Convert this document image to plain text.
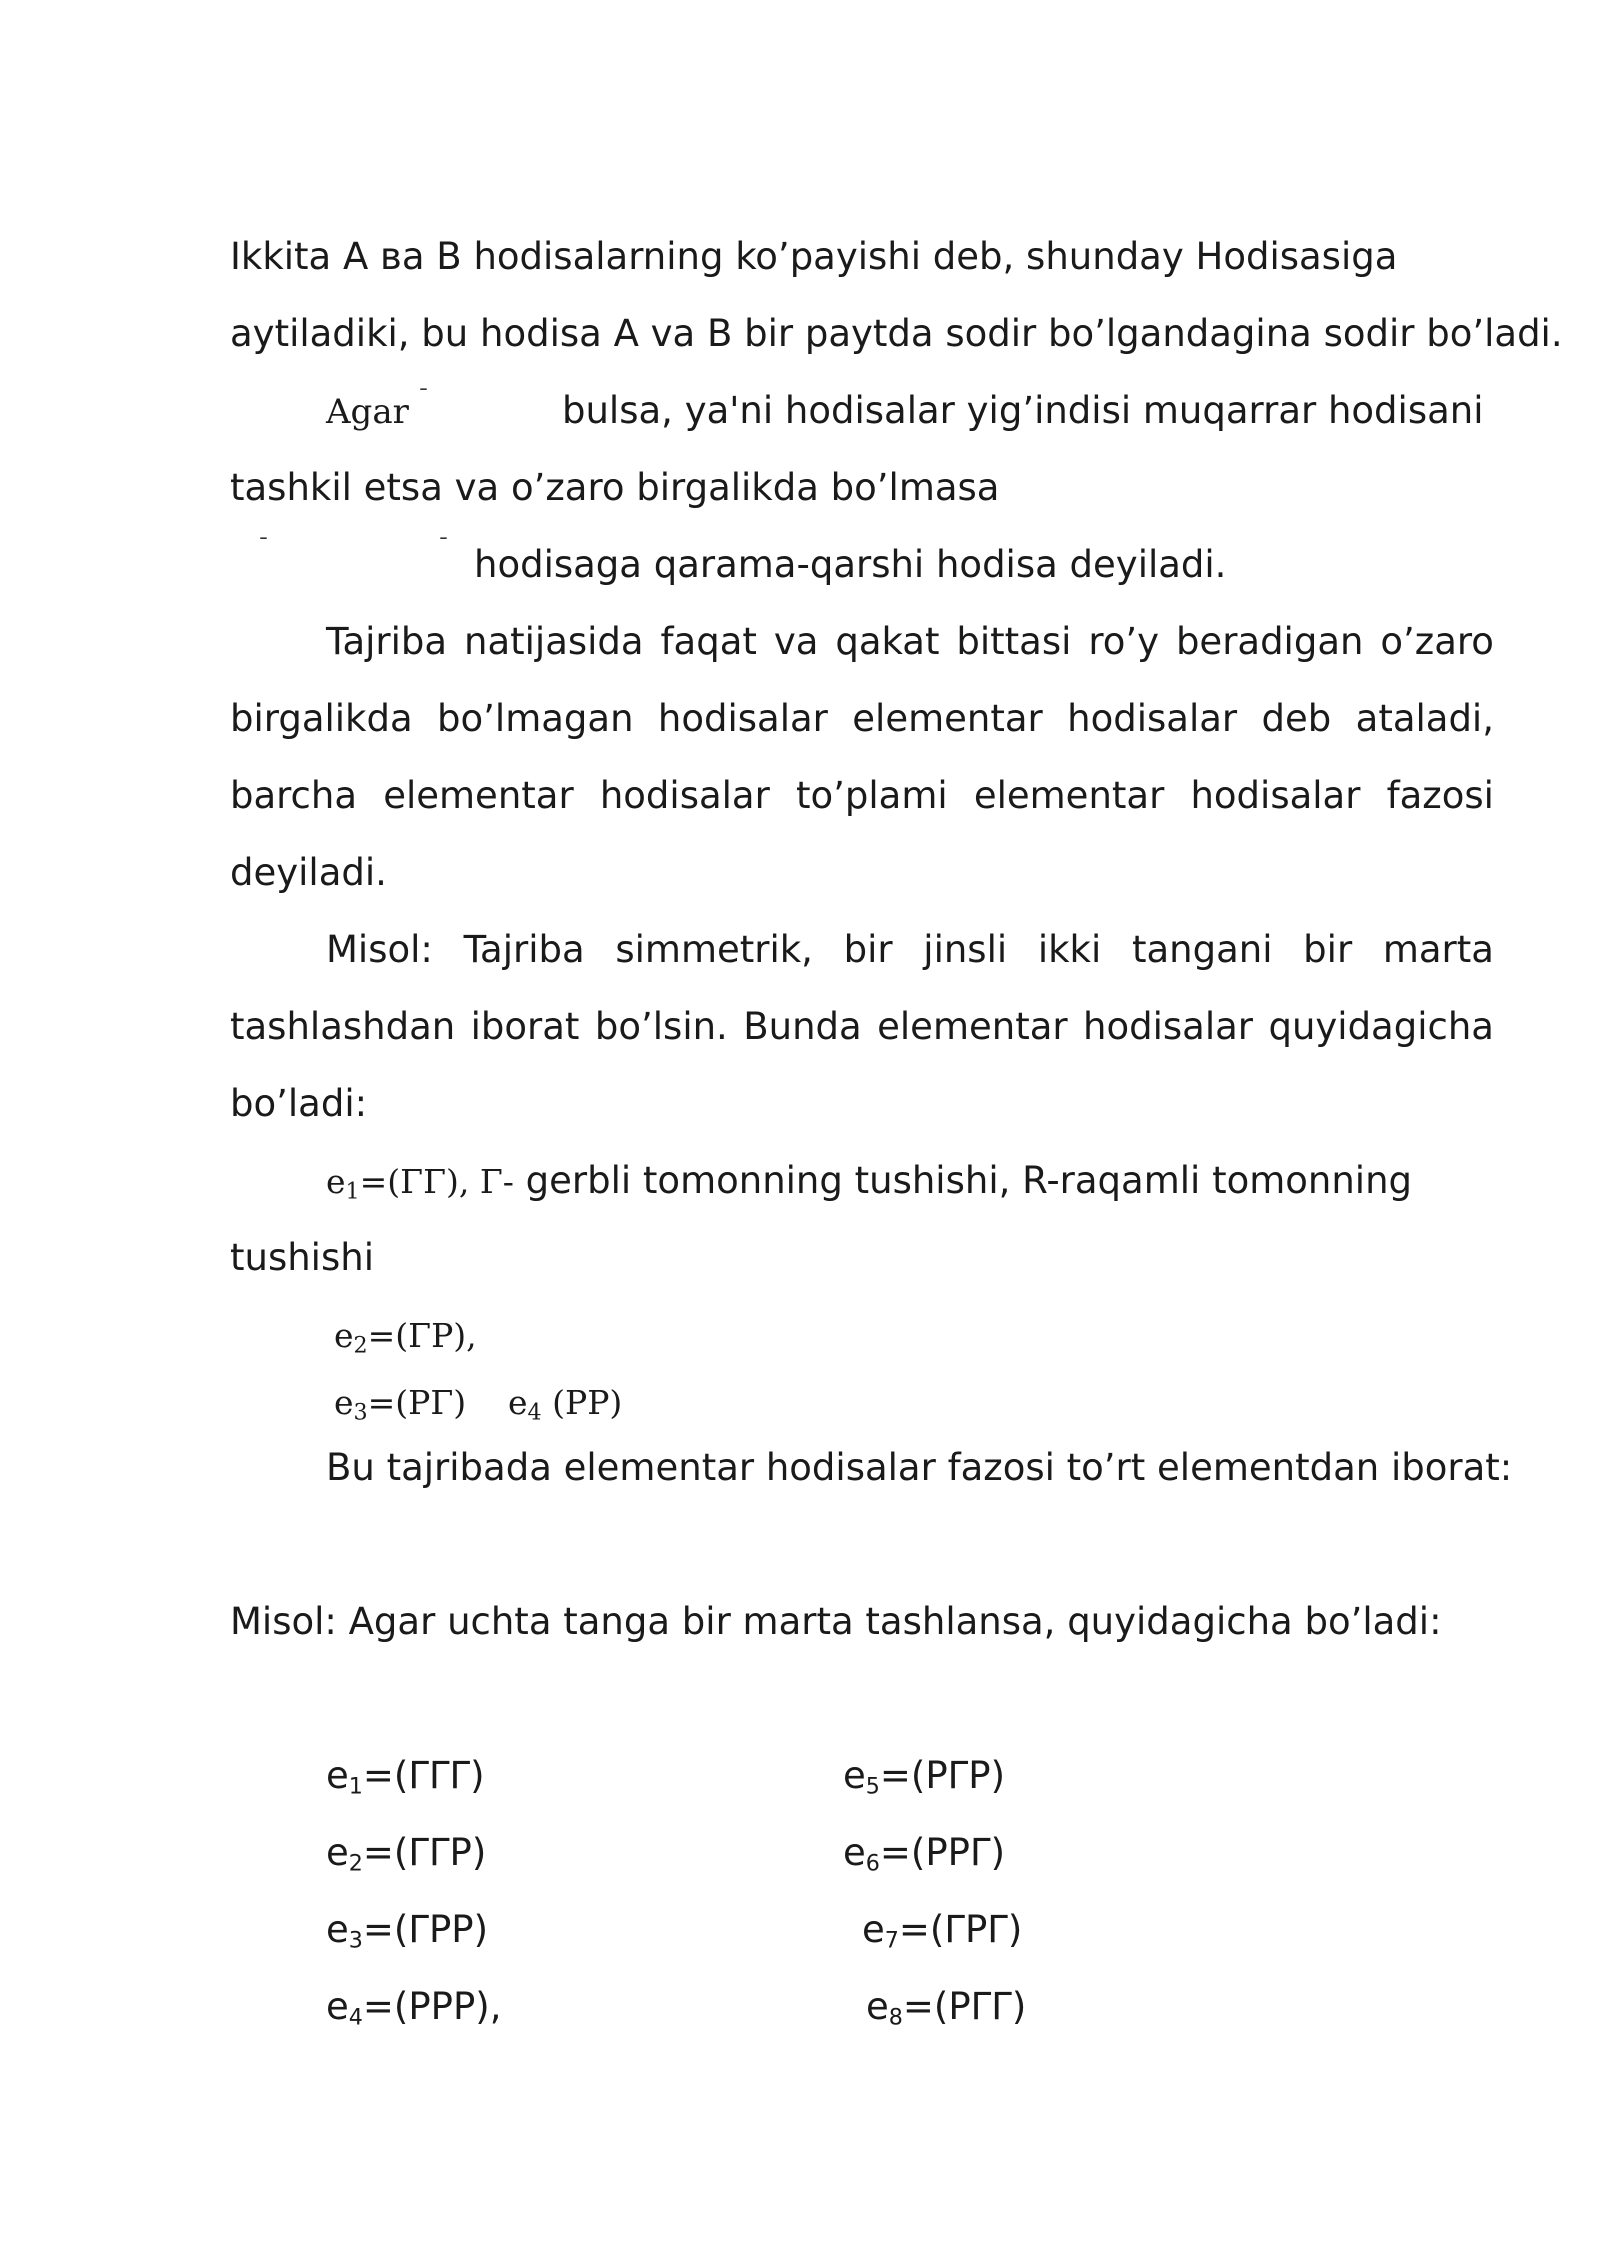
Ikkita A ва B hodisalarning ko’payishi deb, shunday Hodisasiga
aytiladiki, bu hodisa A va B bir paytda sodir bo’lgandagina sodir bo’ladi.
Agar ¯	bulsa, ya'ni hodisalar yig’indisi muqarrar hodisani
tashkil etsa va o’zaro birgalikda bo’lmasa
¯	¯ hodisaga qarama-qarshi hodisa deyiladi.
Tajriba natijasida faqat va qakat bittasi ro’y beradigan o’zaro
birgalikda bo’lmagan hodisalar elementar hodisalar deb ataladi,
barcha elementar hodisalar to’plami elementar hodisalar fazosi
deyiladi.
Misol: Tajriba simmetrik, bir jinsli ikki tangani bir marta
tashlashdan iborat bo’lsin. Bunda elementar hodisalar quyidagicha
bo’ladi:
$e_1=(\Gamma\Gamma)$, Γ- gerbli tomonning tushishi, R-raqamli tomonning
tushishi
$e_2=(\Gamma Р)$,
$e_3=(Р\Gamma)$ $e_4$ (РР)
Bu tajribada elementar hodisalar fazosi to’rt elementdan iborat:
Misol: Agar uchta tanga bir marta tashlansa, quyidagicha bo’ladi:
$e_1=(\Gamma\Gamma\Gamma)$
$e_2=(\Gamma\Gamma Р)$
$e_3=(\Gamma РР)$
$e_4=(РРР)$,
$e_5=(Р\Gamma Р)$
$e_6=(РР\Gamma)$
$e_7=(\Gamma Р\Gamma)$
$e_8=(Р\Gamma\Gamma)$
